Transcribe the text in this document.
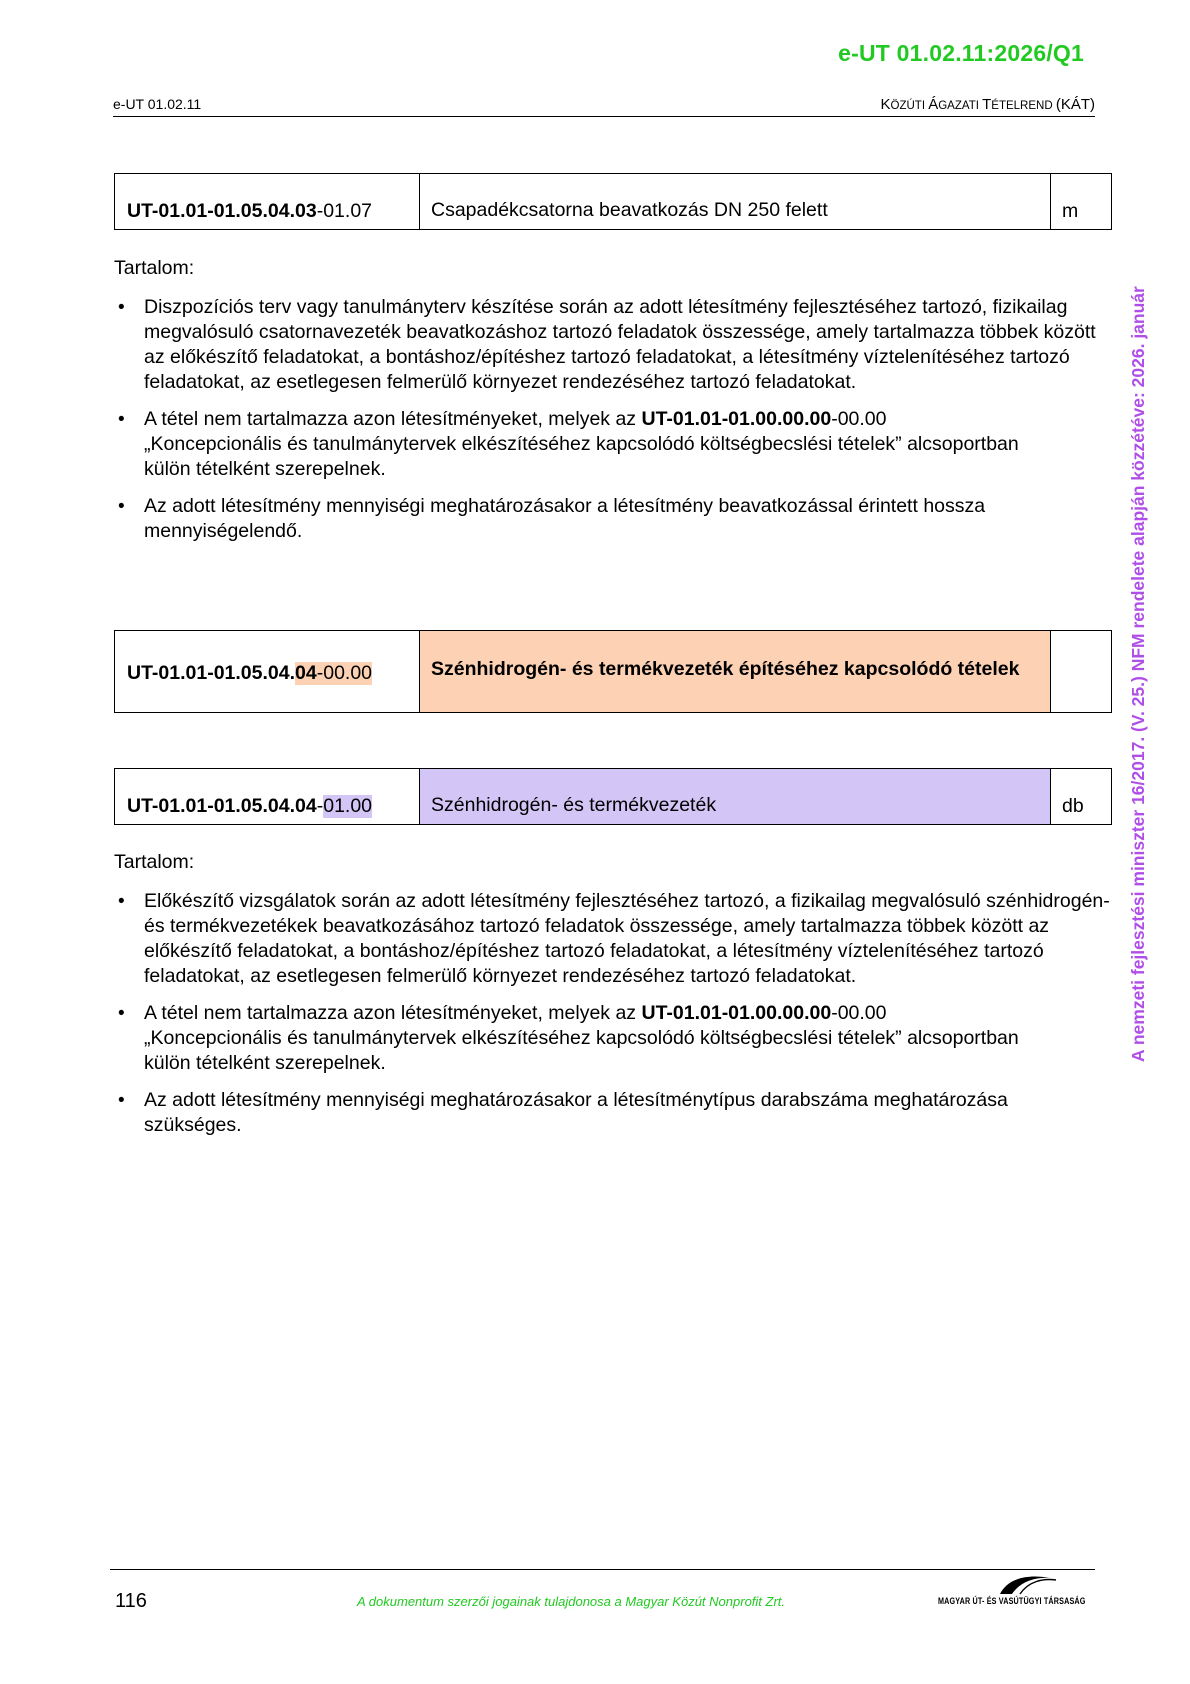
e-UT 01.02.11:2026/Q1
e-UT 01.02.11	KÖZÚTI ÁGAZATI TÉTELREND (KÁT)
A nemzeti fejlesztési miniszter 16/2017. (V. 25.) NFM rendelete alapján közzétéve: 2026. január
UT-01.01-01.05.04.03 -01.07	Csapadékcsatorna beavatkozás DN 250 felett	m
Tartalom:
• Diszpozíciós terv vagy tanulmányterv készítése során az adott létesítmény fejlesztéséhez tartozó, fizikailag megvalósuló csatornavezeték beavatkozáshoz tartozó feladatok összessége, amely tartalmazza többek között az előkészítő feladatokat, a bontáshoz/építéshez tartozó feladatokat, a létesítmény víztelenítéséhez tartozó feladatokat, az esetlegesen felmerülő környezet rendezéséhez tartozó feladatokat.
• A tétel nem tartalmazza azon létesítményeket, melyek az UT-01.01-01.00.00.00-00.00 „Koncepcionális és tanulmánytervek elkészítéséhez kapcsolódó költségbecslési tételek” alcsoportban külön tételként szerepelnek.
• Az adott létesítmény mennyiségi meghatározásakor a létesítmény beavatkozással érintett hossza mennyiségelendő.
UT-01.01-01.05.04. 04 -00.00	Szénhidrogén- és termékvezeték építéséhez kapcsolódó tételek
UT-01.01-01.05.04.04 - 01.00	Szénhidrogén- és termékvezeték	db
Tartalom:
• Előkészítő vizsgálatok során az adott létesítmény fejlesztéséhez tartozó, a fizikailag megvalósuló szénhidrogén- és termékvezetékek beavatkozásához tartozó feladatok összessége, amely tartalmazza többek között az előkészítő feladatokat, a bontáshoz/építéshez tartozó feladatokat, a létesítmény víztelenítéséhez tartozó feladatokat, az esetlegesen felmerülő környezet rendezéséhez tartozó feladatokat.
• A tétel nem tartalmazza azon létesítményeket, melyek az UT-01.01-01.00.00.00-00.00 „Koncepcionális és tanulmánytervek elkészítéséhez kapcsolódó költségbecslési tételek” alcsoportban külön tételként szerepelnek.
• Az adott létesítmény mennyiségi meghatározásakor a létesítménytípus darabszáma meghatározása szükséges.
116	A dokumentum szerzői jogainak tulajdonosa a Magyar Közút Nonprofit Zrt.	MAGYAR ÚT- ÉS VASÚTÜGYI TÁRSASÁG
